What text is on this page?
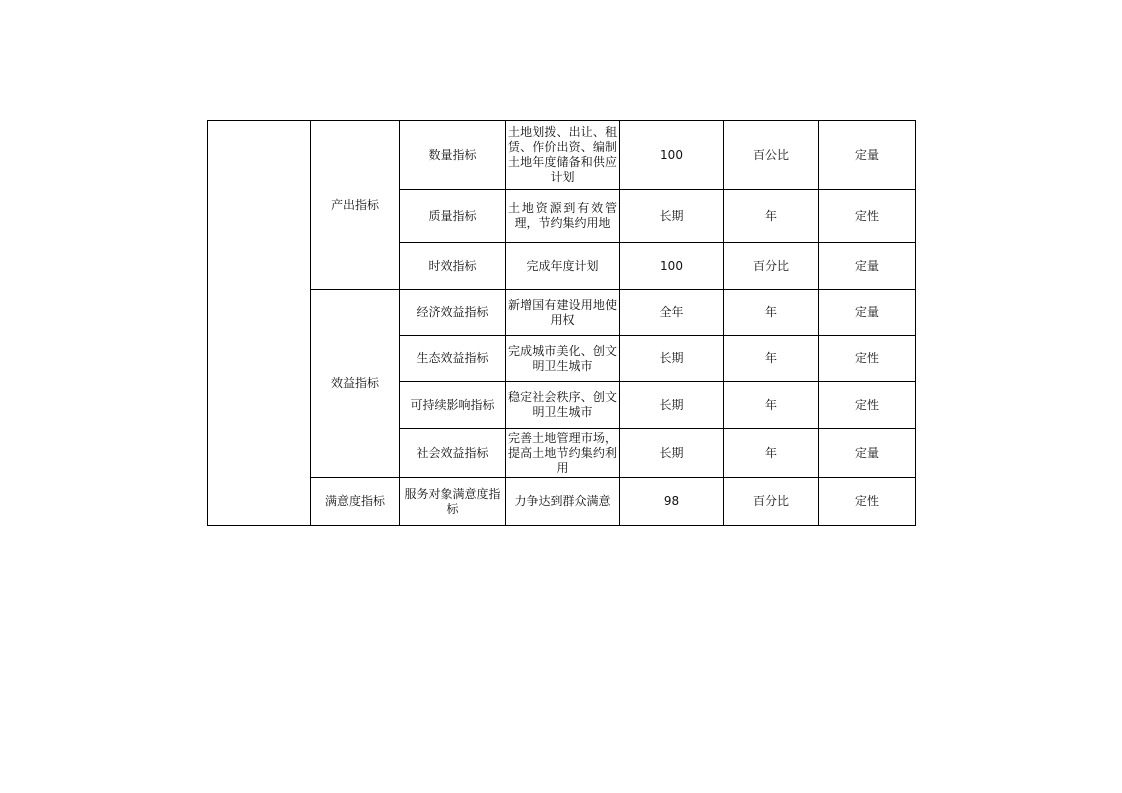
	产出指标	数量指标	土地划拨、出让、租赁、作价出资、编制土地年度储备和供应计划	100	百公比	定量
		质量指标	土地资源到有效管理，节约集约用地	长期	年	定性
		时效指标	完成年度计划	100	百分比	定量
	效益指标	经济效益指标	新增国有建设用地使用权	全年	年	定量
		生态效益指标	完成城市美化、创文明卫生城市	长期	年	定性
		可持续影响指标	稳定社会秩序、创文明卫生城市	长期	年	定性
		社会效益指标	完善土地管理市场，提高土地节约集约利用	长期	年	定量
	满意度指标	服务对象满意度指标	力争达到群众满意	98	百分比	定性
